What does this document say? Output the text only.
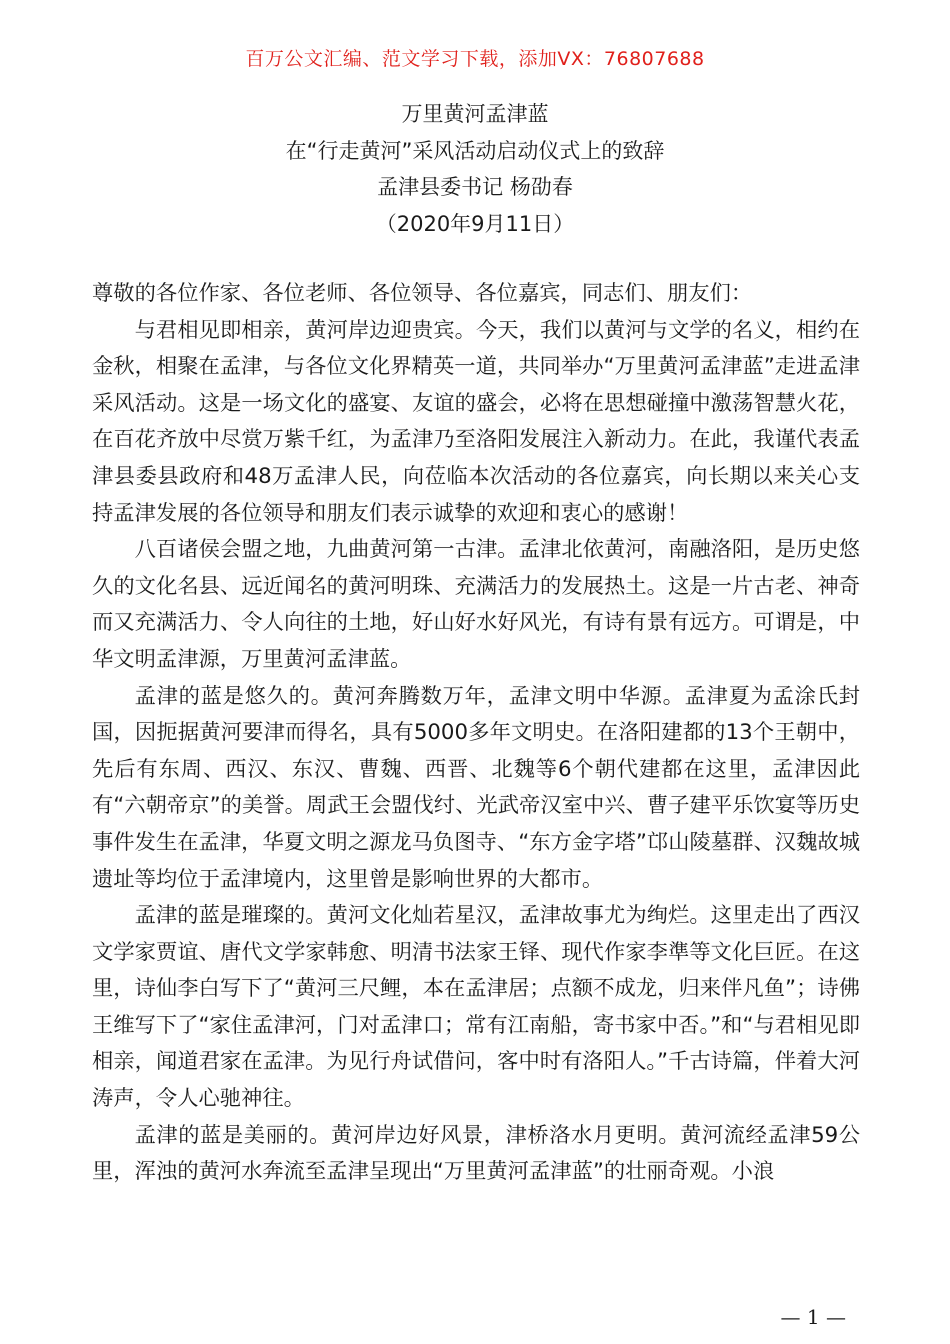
百万公文汇编、范文学习下载，添加VX：76807688
万里黄河孟津蓝
在“行走黄河”采风活动启动仪式上的致辞
孟津县委书记 杨劭春
（2020年9月11日）

尊敬的各位作家、各位老师、各位领导、各位嘉宾，同志们、朋友们：

与君相见即相亲，黄河岸边迎贵宾。今天，我们以黄河与文学的名义，相约在金秋，相聚在孟津，与各位文化界精英一道，共同举办“万里黄河孟津蓝”走进孟津采风活动。这是一场文化的盛宴、友谊的盛会，必将在思想碰撞中激荡智慧火花，在百花齐放中尽赏万紫千红，为孟津乃至洛阳发展注入新动力。在此，我谨代表孟津县委县政府和48万孟津人民，向莅临本次活动的各位嘉宾，向长期以来关心支持孟津发展的各位领导和朋友们表示诚挚的欢迎和衷心的感谢！

八百诸侯会盟之地，九曲黄河第一古津。孟津北依黄河，南融洛阳，是历史悠久的文化名县、远近闻名的黄河明珠、充满活力的发展热土。这是一片古老、神奇而又充满活力、令人向往的土地，好山好水好风光，有诗有景有远方。可谓是，中华文明孟津源，万里黄河孟津蓝。

孟津的蓝是悠久的。黄河奔腾数万年，孟津文明中华源。孟津夏为孟涂氏封国，因扼据黄河要津而得名，具有5000多年文明史。在洛阳建都的13个王朝中，先后有东周、西汉、东汉、曹魏、西晋、北魏等6个朝代建都在这里，孟津因此有“六朝帝京”的美誉。周武王会盟伐纣、光武帝汉室中兴、曹子建平乐饮宴等历史事件发生在孟津，华夏文明之源龙马负图寺、“东方金字塔”邙山陵墓群、汉魏故城遗址等均位于孟津境内，这里曾是影响世界的大都市。

孟津的蓝是璀璨的。黄河文化灿若星汉，孟津故事尤为绚烂。这里走出了西汉文学家贾谊、唐代文学家韩愈、明清书法家王铎、现代作家李準等文化巨匠。在这里，诗仙李白写下了“黄河三尺鲤，本在孟津居；点额不成龙，归来伴凡鱼”；诗佛王维写下了“家住孟津河，门对孟津口；常有江南船，寄书家中否。”和“与君相见即相亲，闻道君家在孟津。为见行舟试借问，客中时有洛阳人。”千古诗篇，伴着大河涛声，令人心驰神往。

孟津的蓝是美丽的。黄河岸边好风景，津桥洛水月更明。黄河流经孟津59公里，浑浊的黄河水奔流至孟津呈现出“万里黄河孟津蓝”的壮丽奇观。小浪

— 1 —
